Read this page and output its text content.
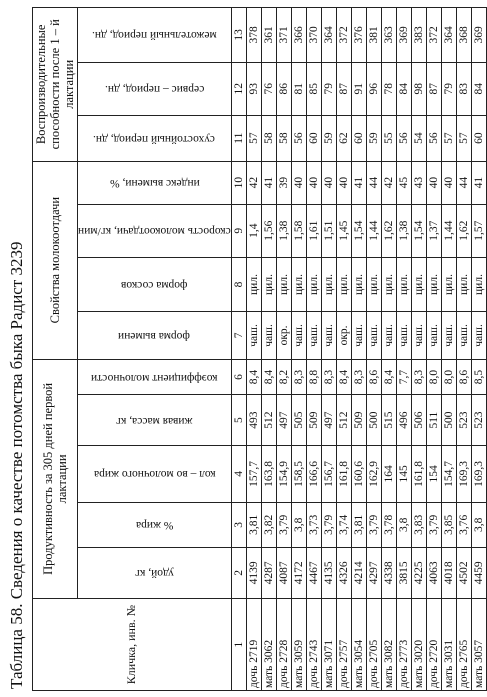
Таблица 58. Сведения о качестве потомства быка Радист 3239	Кличка, инв. №	Продуктивность за 305 дней первой лактации					Свойства молокоотдачи				Воспроизводительные способности после 1 – й лактации		

	удой, кг	% жира	кол – во молочного жира	живая масса, кг	коэффициент молочности	форма вымени	форма сосков	скорость молокоотдачи, кг/мин	индекс вымени, %	сухостойный период, дн.	сервис – период, дн.	межотельный период, дн.

1	2	3	4	5	6	7	8	9	10	11	12	13
дочь 2719	4139	3,81	157,7	493	8,4	чаш.	цил.	1,4	42	57	93	378
мать 3062	4287	3,82	163,8	512	8,4	чаш.	цил.	1,56	41	58	76	361
дочь 2728	4087	3,79	154,9	497	8,2	окр.	цил.	1,38	39	58	86	371
мать 3059	4172	3,8	158,5	505	8,3	чаш.	цил.	1,58	40	56	81	366
дочь 2743	4467	3,73	166,6	509	8,8	чаш.	цил.	1,61	40	60	85	370
мать 3071	4135	3,79	156,7	497	8,3	чаш.	цил.	1,51	40	59	79	364
дочь 2757	4326	3,74	161,8	512	8,4	окр.	цил.	1,45	40	62	87	372
мать 3054	4214	3,81	160,6	509	8,3	чаш.	цил.	1,54	41	60	91	376
дочь 2705	4297	3,79	162,9	500	8,6	чаш.	цил.	1,44	44	59	96	381
мать 3082	4338	3,78	164	515	8,4	чаш.	цил.	1,62	42	55	78	363
дочь 2773	3815	3,8	145	496	7,7	чаш.	цил.	1,38	45	56	84	369
мать 3020	4225	3,83	161,8	506	8,3	чаш.	цил.	1,54	43	54	98	383
дочь 2720	4063	3,79	154	511	8,0	чаш.	цил.	1,37	40	56	87	372
мать 3031	4018	3,85	154,7	500	8,0	чаш.	цил.	1,44	40	57	79	364
дочь 2765	4502	3,76	169,3	523	8,6	чаш.	цил.	1,62	44	57	83	368
мать 3057	4459	3,8	169,3	523	8,5	чаш.	цил.	1,57	41	60	84	369
